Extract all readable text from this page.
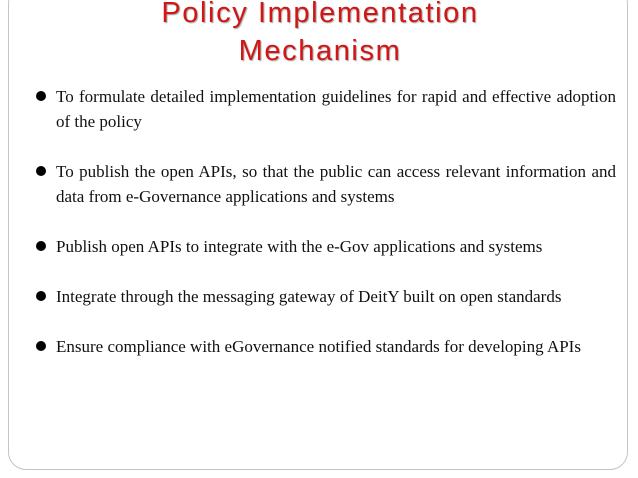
Policy Implementation
Mechanism
To formulate detailed implementation guidelines for rapid and effective adoption of the policy
To publish the open APIs, so that the public can access relevant information and data from e-Governance applications and systems
Publish open APIs to integrate with the e-Gov applications and systems
Integrate through the messaging gateway of DeitY built on open standards
Ensure compliance with eGovernance notified standards for developing APIs
